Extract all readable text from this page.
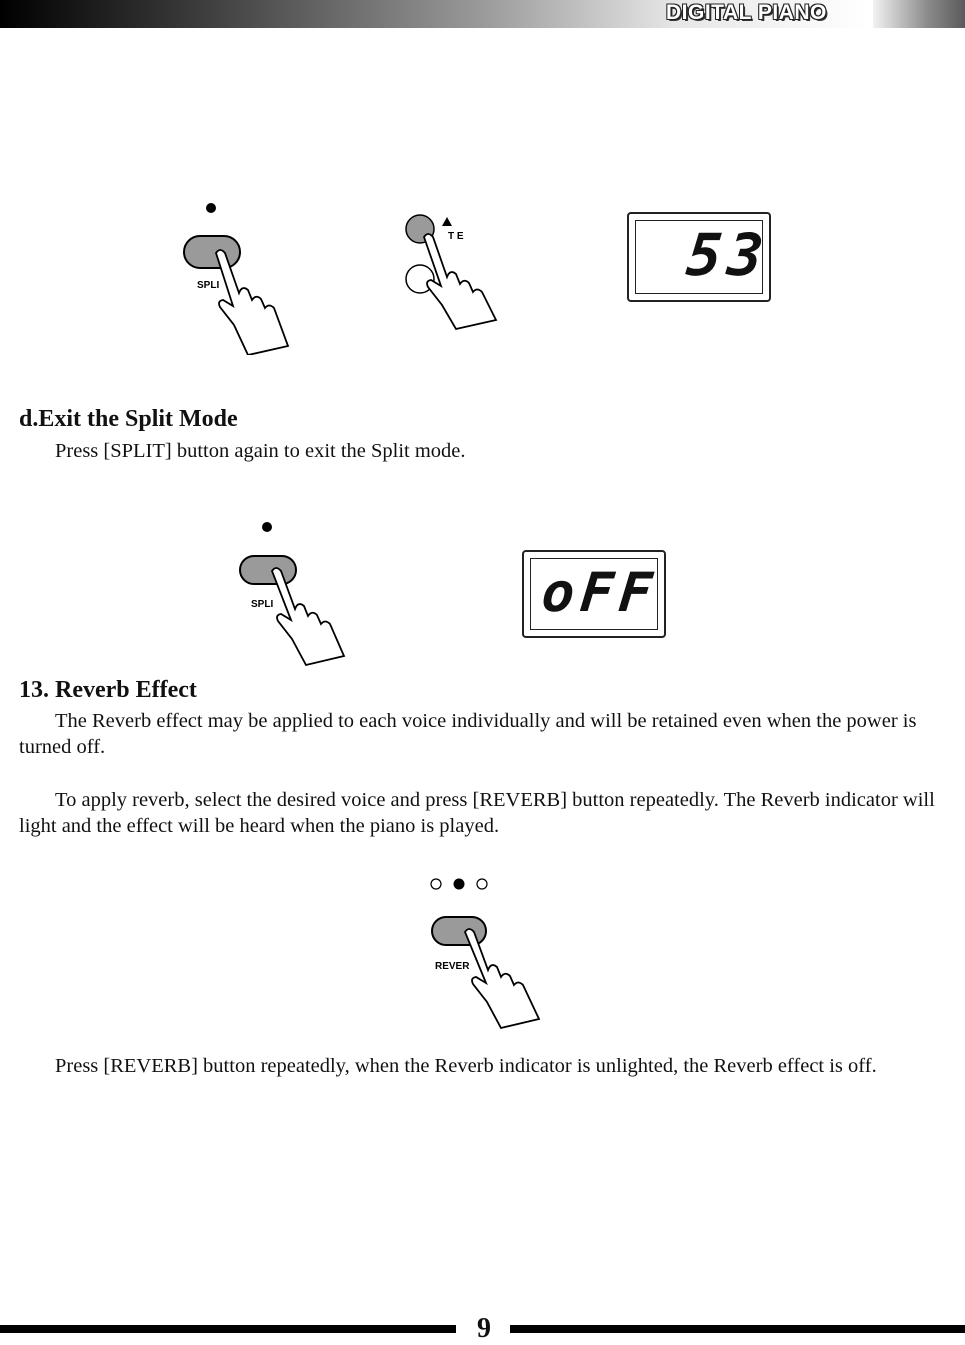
DIGITAL PIANO
SPLI
T E	53
d.Exit the Split Mode
Press [SPLIT] button again to exit the Split mode.
SPLI	oFF
13. Reverb Effect
The Reverb effect may be applied to each voice individually and will be retained even when the power is turned off.
To apply reverb, select the desired voice and press [REVERB] button repeatedly. The Reverb indicator will light and the effect will be heard when the piano is played.
REVER
Press [REVERB] button repeatedly, when the Reverb indicator is unlighted, the Reverb effect is off.
9
